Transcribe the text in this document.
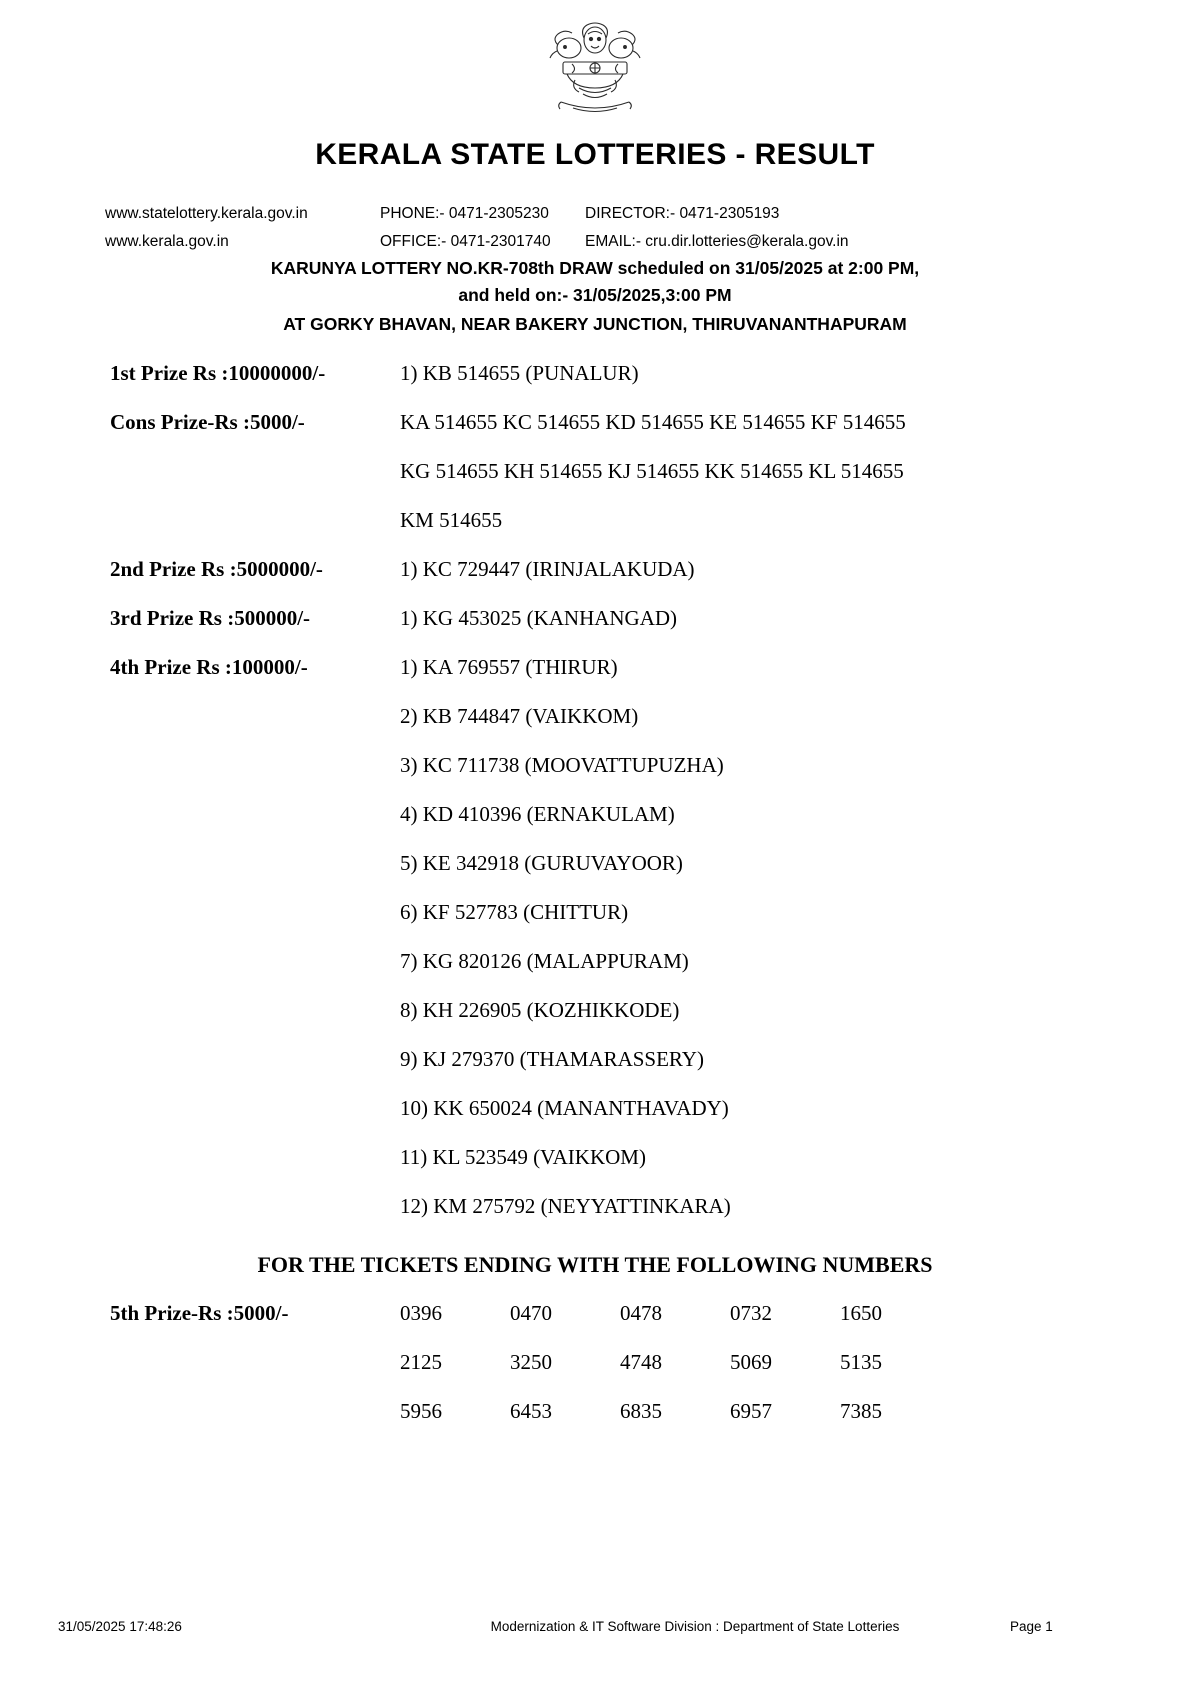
KERALA STATE LOTTERIES - RESULT
www.statelottery.kerala.gov.in	PHONE:- 0471-2305230	DIRECTOR:- 0471-2305193
www.kerala.gov.in	OFFICE:- 0471-2301740	EMAIL:- cru.dir.lotteries@kerala.gov.in
KARUNYA LOTTERY NO.KR-708th DRAW scheduled on 31/05/2025 at 2:00 PM,
and held on:- 31/05/2025,3:00 PM
AT GORKY BHAVAN, NEAR BAKERY JUNCTION, THIRUVANANTHAPURAM
1st Prize Rs :10000000/-	1) KB 514655 (PUNALUR)
Cons Prize-Rs :5000/-	KA 514655 KC 514655 KD 514655 KE 514655 KF 514655
KG 514655 KH 514655 KJ 514655 KK 514655 KL 514655
KM 514655
2nd Prize Rs :5000000/-	1) KC 729447 (IRINJALAKUDA)
3rd Prize Rs :500000/-	1) KG 453025 (KANHANGAD)
4th Prize Rs :100000/-	1) KA 769557 (THIRUR)
2) KB 744847 (VAIKKOM)
3) KC 711738 (MOOVATTUPUZHA)
4) KD 410396 (ERNAKULAM)
5) KE 342918 (GURUVAYOOR)
6) KF 527783 (CHITTUR)
7) KG 820126 (MALAPPURAM)
8) KH 226905 (KOZHIKKODE)
9) KJ 279370 (THAMARASSERY)
10) KK 650024 (MANANTHAVADY)
11) KL 523549 (VAIKKOM)
12) KM 275792 (NEYYATTINKARA)
FOR THE TICKETS ENDING WITH THE FOLLOWING NUMBERS
5th Prize-Rs :5000/-	0396	0470	0478	0732	1650
2125	3250	4748	5069	5135
5956	6453	6835	6957	7385
31/05/2025 17:48:26	Modernization & IT Software Division : Department of State Lotteries	Page 1
